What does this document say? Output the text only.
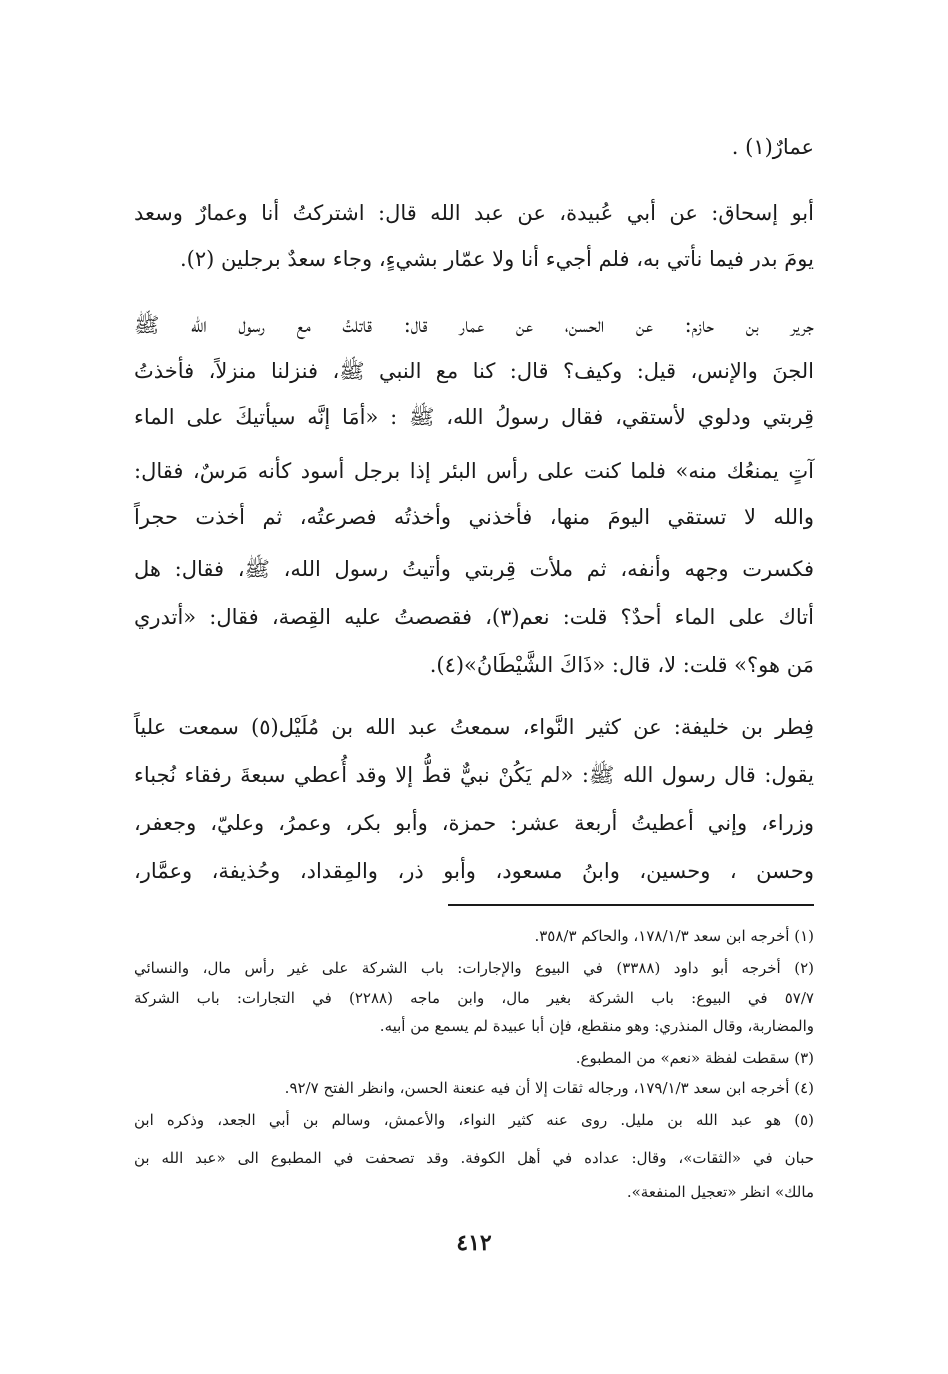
عمارٌ(١) .
أبو إسحاق: عن أبي عُبيدة، عن عبد الله قال: اشتركتُ أنا وعمارٌ وسعد
يومَ بدر فيما نأتي به، فلم أجيء أنا ولا عمّار بشيءٍ، وجاء سعدٌ برجلين (٢).
جرير بن حازم: عن الحسن، عن عمار قال: قاتلتُ مع رسول الله ﷺ
الجنَ والإنس، قيل: وكيف؟ قال: كنا مع النبي ﷺ، فنزلنا منزلاً، فأخذتُ
قِربتي ودلوي لأستقي، فقال رسولُ الله، ﷺ : «أمَا إنَّه سيأتيكَ على الماء
آتٍ يمنعُك منه» فلما كنت على رأس البئر إذا برجل أسود كأنه مَرسٌ، فقال:
والله لا تستقي اليومَ منها، فأخذني وأخذتُه فصرعتُه، ثم أخذت حجراً
فكسرت وجهه وأنفه، ثم ملأت قِربتي وأتيتُ رسول الله، ﷺ، فقال: هل
أتاك على الماء أحدٌ؟ قلت: نعم(٣)، فقصصتُ عليه القِصة، فقال: «أتدري
مَن هو؟» قلت: لا، قال: «ذَاكَ الشَّيْطَانُ»(٤).
فِطر بن خليفة: عن كثير النَّواء، سمعتُ عبد الله بن مُلَيْل(٥) سمعت علياً
يقول: قال رسول الله ﷺ: «لم يَكُنْ نبيٌّ قطُّ إلا وقد أُعطي سبعةَ رفقاء نُجباء
وزراء، وإني أعطيتُ أربعة عشر: حمزة، وأبو بكر، وعمرُ، وعليّ، وجعفر،
وحسن ، وحسين، وابنُ مسعود، وأبو ذر، والمِقداد، وحُذيفة، وعمَّار،
(١) أخرجه ابن سعد ١٧٨/١/٣، والحاكم ٣٥٨/٣.
(٢) أخرجه أبو داود (٣٣٨٨) في البيوع والإجارات: باب الشركة على غير رأس مال، والنسائي
٥٧/٧ في البيوع: باب الشركة بغير مال، وابن ماجه (٢٢٨٨) في التجارات: باب الشركة
والمضاربة، وقال المنذري: وهو منقطع، فإن أبا عبيدة لم يسمع من أبيه.
(٣) سقطت لفظة «نعم» من المطبوع.
(٤) أخرجه ابن سعد ١٧٩/١/٣، ورجاله ثقات إلا أن فيه عنعنة الحسن، وانظر الفتح ٩٢/٧.
(٥) هو عبد الله بن مليل. روى عنه كثير النواء، والأعمش، وسالم بن أبي الجعد، وذكره ابن
حبان في «الثقات»، وقال: عداده في أهل الكوفة. وقد تصحفت في المطبوع الى «عبد الله بن
مالك» انظر «تعجيل المنفعة».
٤١٢
